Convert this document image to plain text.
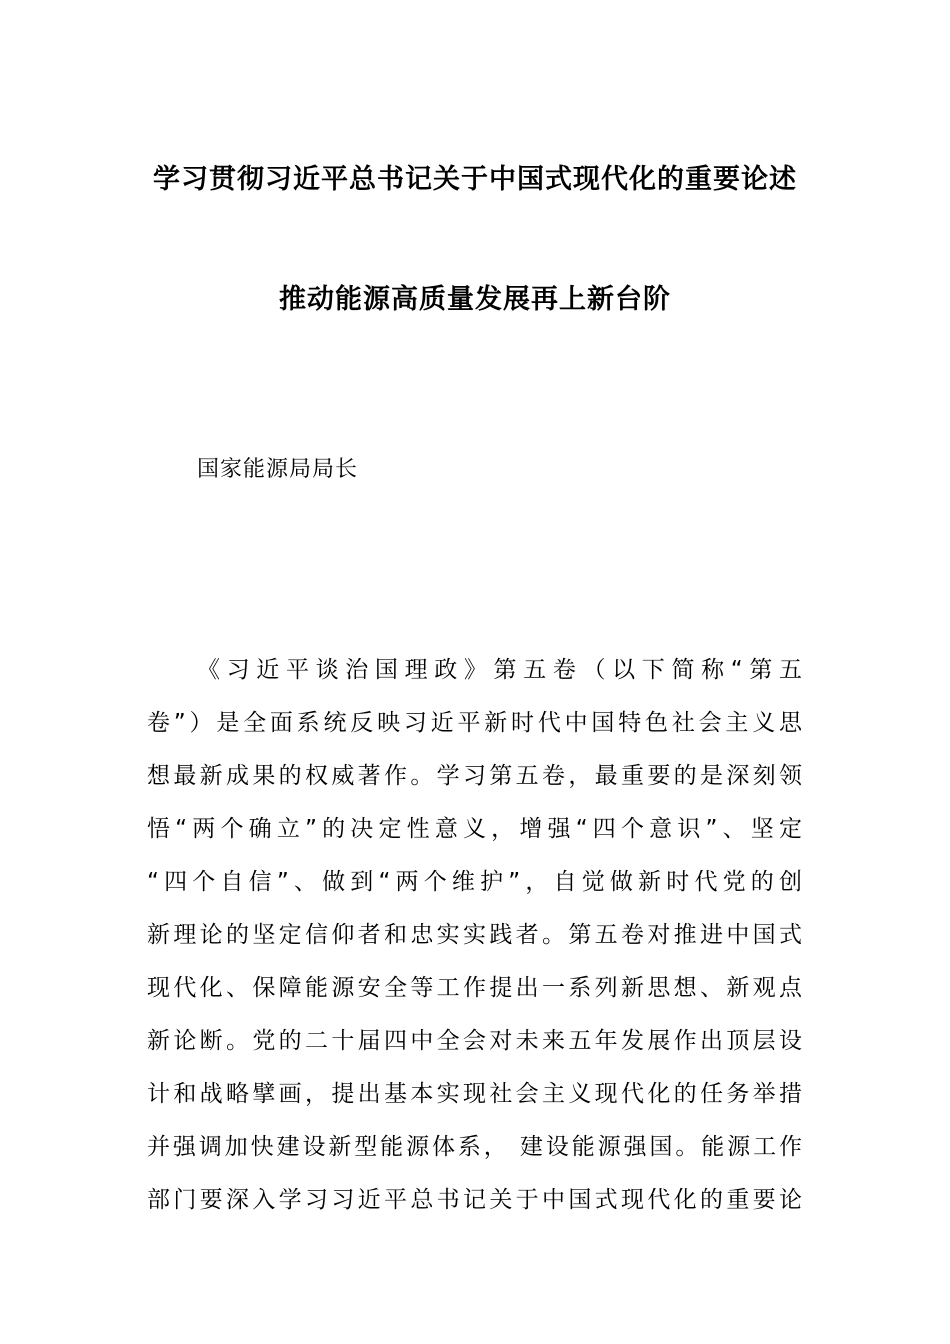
学习贯彻习近平总书记关于中国式现代化的重要论述
推动能源高质量发展再上新台阶
国家能源局局长
《习近平谈治国理政》第五卷（以下简称“第五
卷”）是全面系统反映习近平新时代中国特色社会主义思
想最新成果的权威著作。学习第五卷，最重要的是深刻领
悟“两个确立”的决定性意义，增强“四个意识”、坚定
“四个自信”、做到“两个维护”，自觉做新时代党的创
新理论的坚定信仰者和忠实实践者。第五卷对推进中国式
现代化、保障能源安全等工作提出一系列新思想、新观点
新论断。党的二十届四中全会对未来五年发展作出顶层设
计和战略擘画，提出基本实现社会主义现代化的任务举措
并强调加快建设新型能源体系， 建设能源强国。能源工作
部门要深入学习习近平总书记关于中国式现代化的重要论
